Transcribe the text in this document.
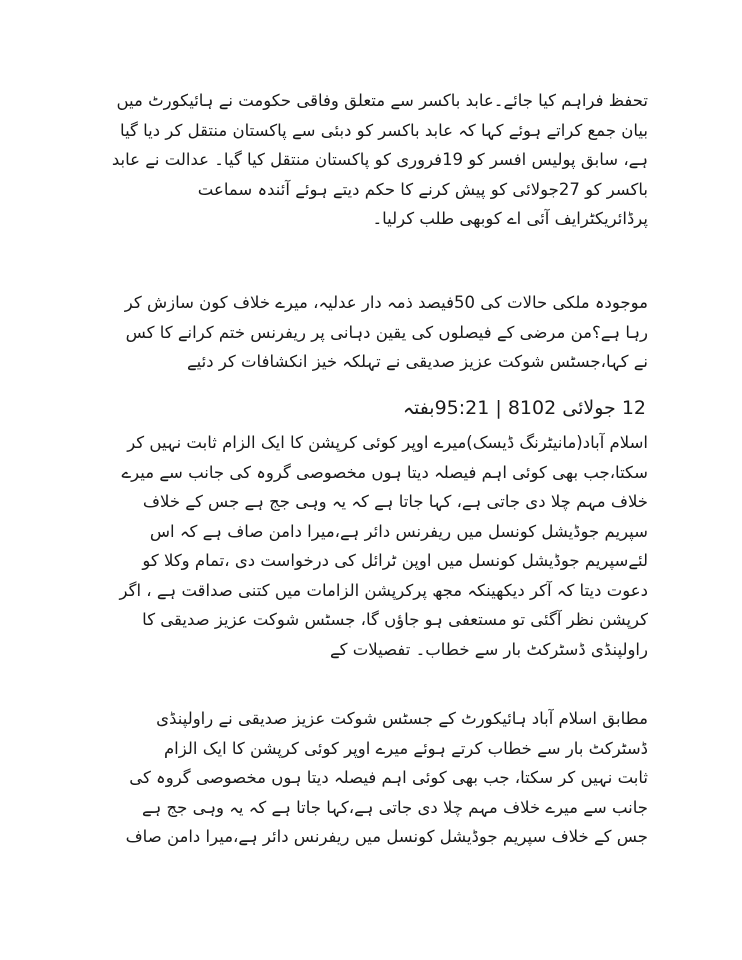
تحفظ فراہم کیا جائے۔عابد باکسر سے متعلق وفاقی حکومت نے ہائیکورٹ میں
بیان جمع کراتے ہوئے کہا کہ عابد باکسر کو دبئی سے پاکستان منتقل کر دیا گیا
ہے، سابق پولیس افسر کو 19فروری کو پاکستان منتقل کیا گیا۔ عدالت نے عابد
باکسر کو 27جولائی کو پیش کرنے کا حکم دیتے ہوئے آئندہ سماعت
پرڈائریکٹرایف آئی اے کوبھی طلب کرلیا۔
موجودہ ملکی حالات کی 50فیصد ذمہ دار عدلیہ، میرے خلاف کون سازش کر
رہا ہے؟من مرضی کے فیصلوں کی یقین دہانی پر ریفرنس ختم کرانے کا کس
نے کہا،جسٹس شوکت عزیز صدیقی نے تہلکہ خیز انکشافات کر دئیے
12 جولائی 8102 | 95:21بفتہ
اسلام آباد(مانیٹرنگ ڈیسک)میرے اوپر کوئی کرپشن کا ایک الزام ثابت نہیں کر
سکتا،جب بھی کوئی اہم فیصلہ دیتا ہوں مخصوصی گروہ کی جانب سے میرے
خلاف مہم چلا دی جاتی ہے، کہا جاتا ہے کہ یہ وہی جج ہے جس کے خلاف
سپریم جوڈیشل کونسل میں ریفرنس دائر ہے،میرا دامن صاف ہے کہ اس
لئےسپریم جوڈیشل کونسل میں اوپن ٹرائل کی درخواست دی ،تمام وکلا کو
دعوت دیتا کہ آکر دیکھینکہ مجھ پرکرپشن الزامات میں کتنی صداقت ہے ، اگر
کرپشن نظر آگئی تو مستعفی ہو جاؤں گا، جسٹس شوکت عزیز صدیقی کا
راولپنڈی ڈسٹرکٹ بار سے خطاب۔ تفصیلات کے
مطابق اسلام آباد ہائیکورٹ کے جسٹس شوکت عزیز صدیقی نے راولپنڈی
ڈسٹرکٹ بار سے خطاب کرتے ہوئے میرے اوپر کوئی کرپشن کا ایک الزام
ثابت نہیں کر سکتا، جب بھی کوئی اہم فیصلہ دیتا ہوں مخصوصی گروہ کی
جانب سے میرے خلاف مہم چلا دی جاتی ہے،کہا جاتا ہے کہ یہ وہی جج ہے
جس کے خلاف سپریم جوڈیشل کونسل میں ریفرنس دائر ہے،میرا دامن صاف
